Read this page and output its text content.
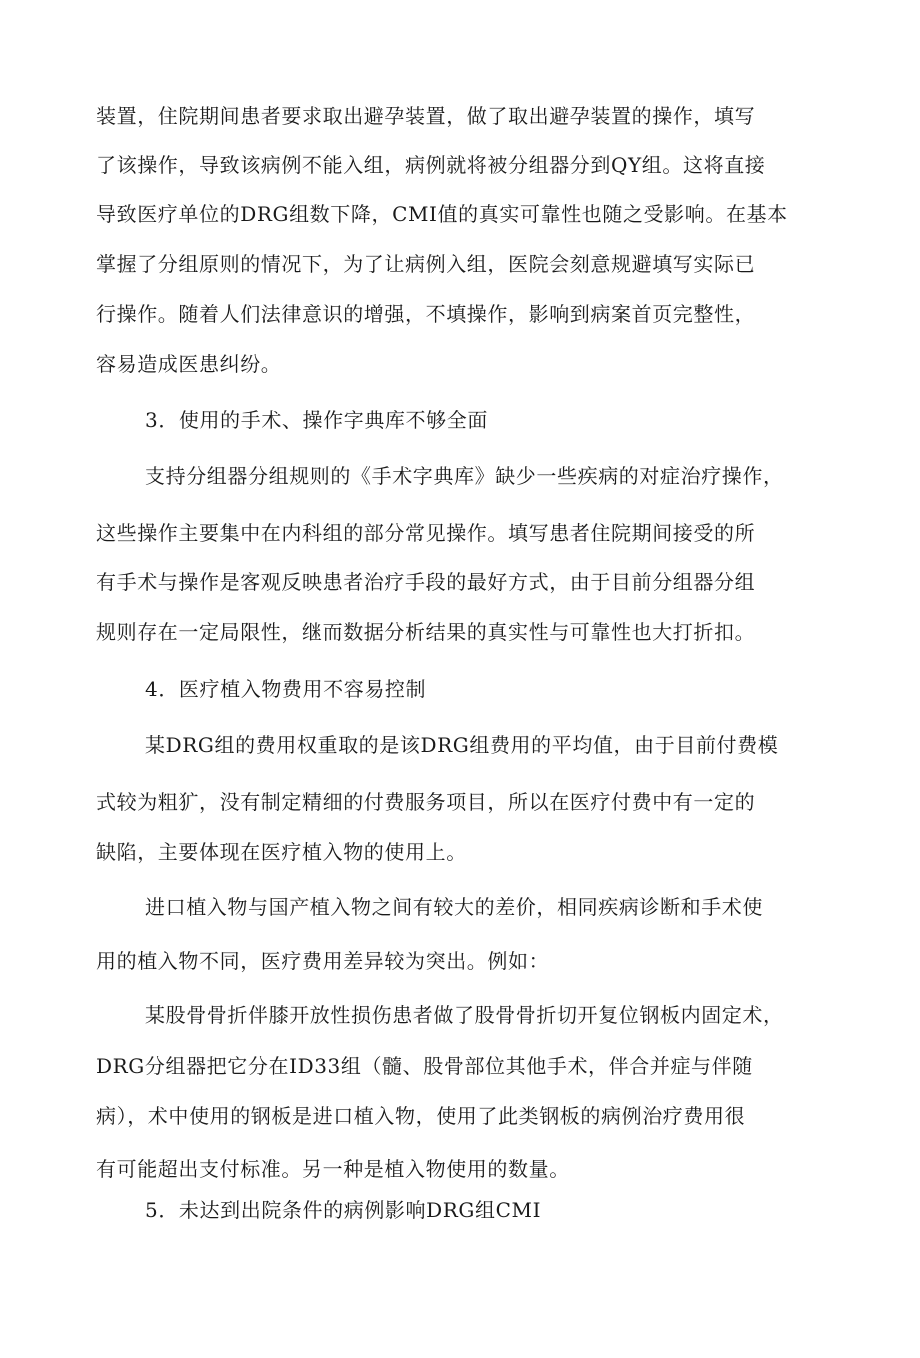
装置，住院期间患者要求取出避孕装置，做了取出避孕装置的操作，填写
了该操作，导致该病例不能入组，病例就将被分组器分到QY组。这将直接
导致医疗单位的DRG组数下降，CMI值的真实可靠性也随之受影响。在基本
掌握了分组原则的情况下，为了让病例入组，医院会刻意规避填写实际已
行操作。随着人们法律意识的增强，不填操作，影响到病案首页完整性，
容易造成医患纠纷。
3．使用的手术、操作字典库不够全面
支持分组器分组规则的《手术字典库》缺少一些疾病的对症治疗操作，
这些操作主要集中在内科组的部分常见操作。填写患者住院期间接受的所
有手术与操作是客观反映患者治疗手段的最好方式，由于目前分组器分组
规则存在一定局限性，继而数据分析结果的真实性与可靠性也大打折扣。
4．医疗植入物费用不容易控制
某DRG组的费用权重取的是该DRG组费用的平均值，由于目前付费模
式较为粗犷，没有制定精细的付费服务项目，所以在医疗付费中有一定的
缺陷，主要体现在医疗植入物的使用上。
进口植入物与国产植入物之间有较大的差价，相同疾病诊断和手术使
用的植入物不同，医疗费用差异较为突出。例如：
某股骨骨折伴膝开放性损伤患者做了股骨骨折切开复位钢板内固定术，
DRG分组器把它分在ID33组（髓、股骨部位其他手术，伴合并症与伴随
病），术中使用的钢板是进口植入物，使用了此类钢板的病例治疗费用很
有可能超出支付标准。另一种是植入物使用的数量。
5．未达到出院条件的病例影响DRG组CMI
